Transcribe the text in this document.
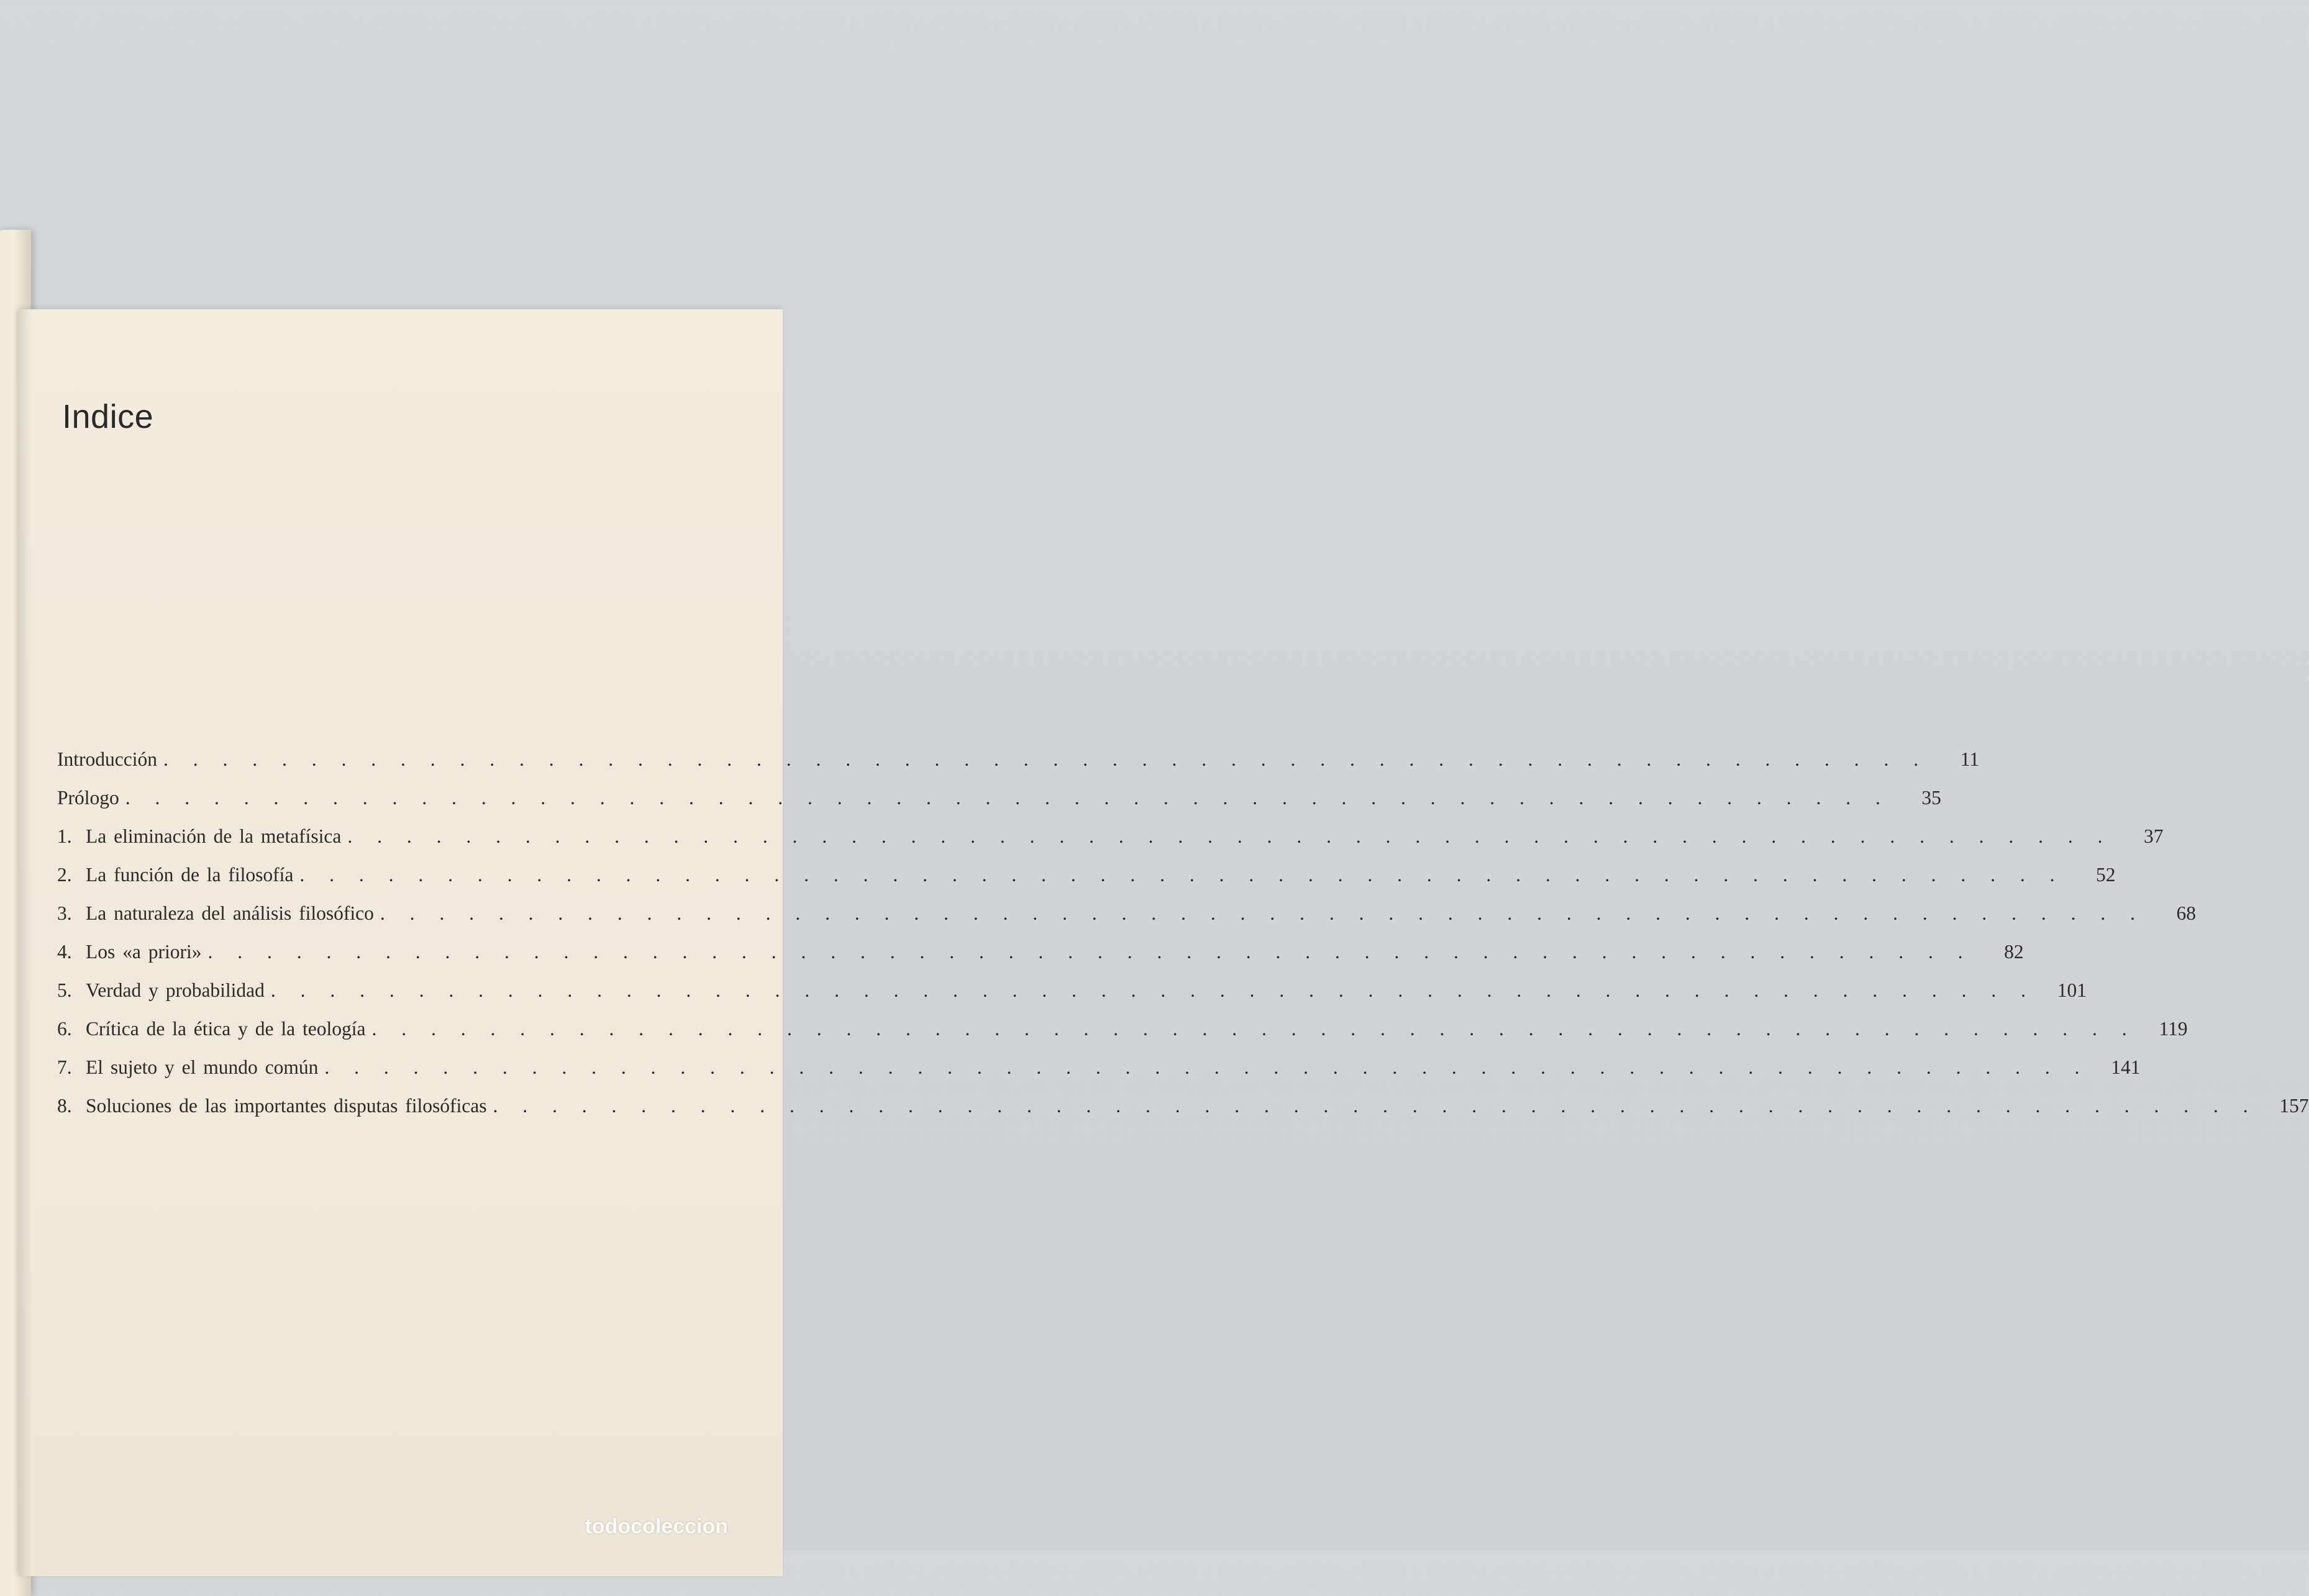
Indice
Introducción . . . . . . . . . . . . . . . . . . . . . . . . . . . . . . . . . . . . . . . . . . . . . . . . . . . . . . . . . . . .	11
Prólogo . . . . . . . . . . . . . . . . . . . . . . . . . . . . . . . . . . . . . . . . . . . . . . . . . . . . . . . . . . . .	35
1. La eliminación de la metafísica . . . . . . . . . . . . . . . . . . . . . . . . . . . . . . . . . . . . . . . . . . . . . . . . . . . . . . . . . . . .	37
2. La función de la filosofía . . . . . . . . . . . . . . . . . . . . . . . . . . . . . . . . . . . . . . . . . . . . . . . . . . . . . . . . . . . .	52
3. La naturaleza del análisis filosófico . . . . . . . . . . . . . . . . . . . . . . . . . . . . . . . . . . . . . . . . . . . . . . . . . . . . . . . . . . . .	68
4. Los «a priori» . . . . . . . . . . . . . . . . . . . . . . . . . . . . . . . . . . . . . . . . . . . . . . . . . . . . . . . . . . . .	82
5. Verdad y probabilidad . . . . . . . . . . . . . . . . . . . . . . . . . . . . . . . . . . . . . . . . . . . . . . . . . . . . . . . . . . . .	101
6. Crítica de la ética y de la teología . . . . . . . . . . . . . . . . . . . . . . . . . . . . . . . . . . . . . . . . . . . . . . . . . . . . . . . . . . . .	119
7. El sujeto y el mundo común . . . . . . . . . . . . . . . . . . . . . . . . . . . . . . . . . . . . . . . . . . . . . . . . . . . . . . . . . . . .	141
8. Soluciones de las importantes disputas filosóficas . . . . . . . . . . . . . . . . . . . . . . . . . . . . . . . . . . . . . . . . . . . . . . . . . . . . . . . . . . . .	157
todocoleccion
